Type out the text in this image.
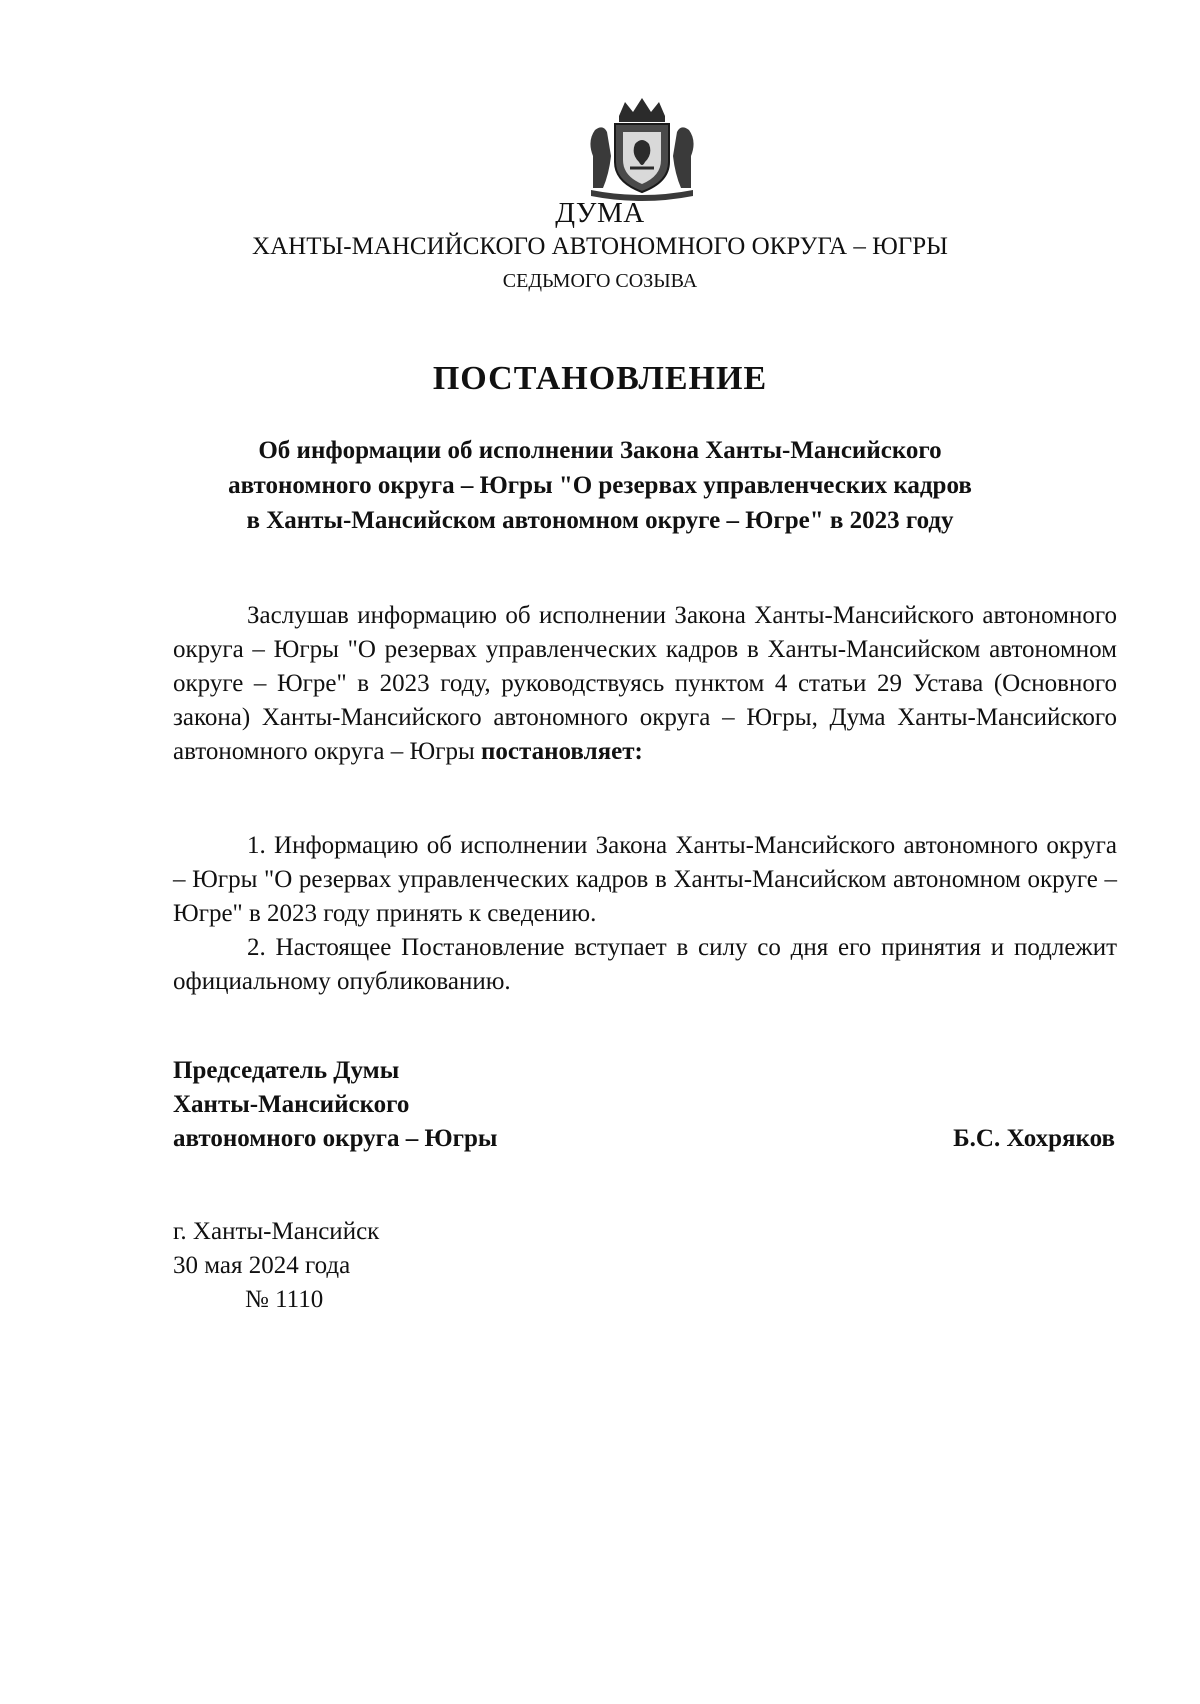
ДУМА
ХАНТЫ-МАНСИЙСКОГО АВТОНОМНОГО ОКРУГА – ЮГРЫ
СЕДЬМОГО СОЗЫВА
ПОСТАНОВЛЕНИЕ
Об информации об исполнении Закона Ханты-Мансийского
автономного округа – Югры "О резервах управленческих кадров
в Ханты-Мансийском автономном округе – Югре" в 2023 году

Заслушав информацию об исполнении Закона Ханты-Мансийского автономного округа – Югры "О резервах управленческих кадров в Ханты-Мансийском автономном округе – Югре" в 2023 году, руководствуясь пунктом 4 статьи 29 Устава (Основного закона) Ханты-Мансийского автономного округа – Югры, Дума Ханты-Мансийского автономного округа – Югры постановляет:

1. Информацию об исполнении Закона Ханты-Мансийского автономного округа – Югры "О резервах управленческих кадров в Ханты-Мансийском автономном округе – Югре" в 2023 году принять к сведению.

2. Настоящее Постановление вступает в силу со дня его принятия и подлежит официальному опубликованию.

Председатель Думы
Ханты-Мансийского
автономного округа – Югры	Б.С. Хохряков
г. Ханты-Мансийск
30 мая 2024 года
№ 1110
